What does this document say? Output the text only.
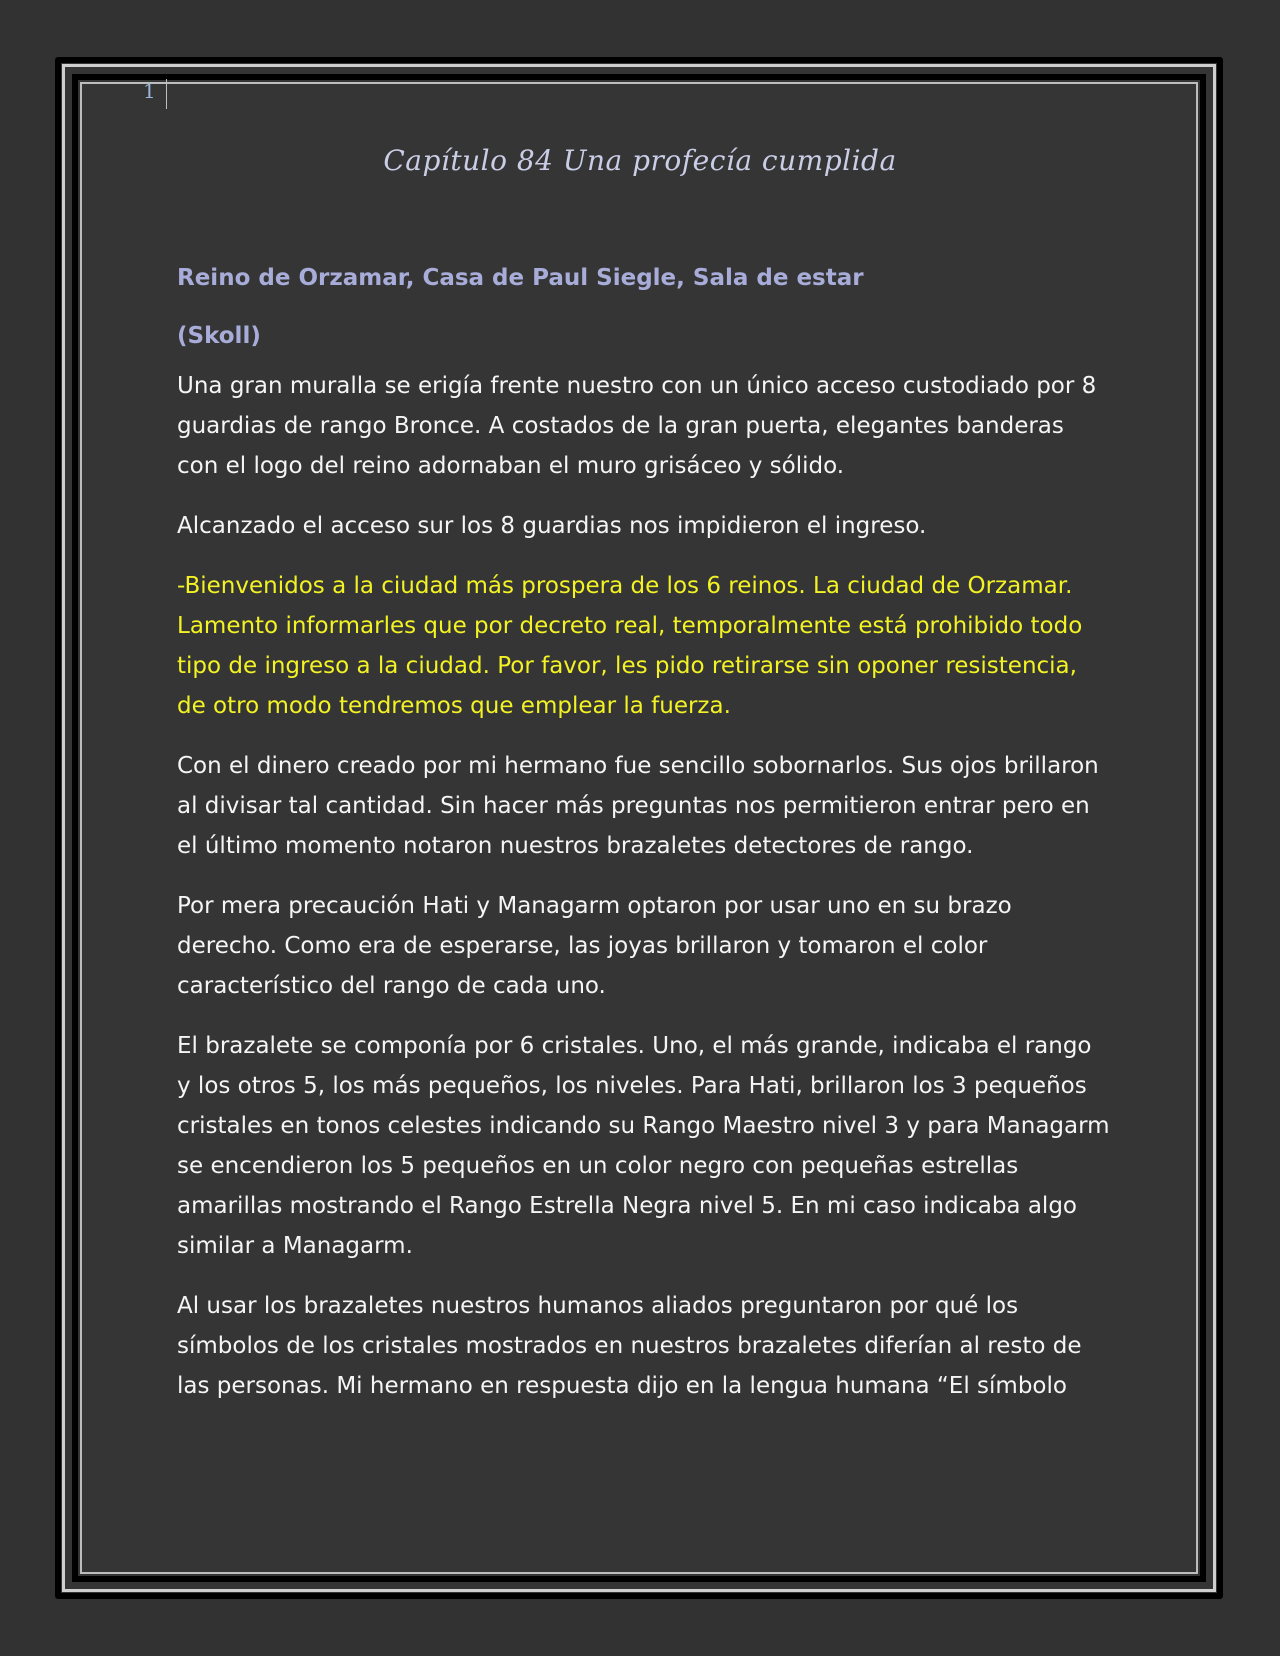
1
Capítulo 84 Una profecía cumplida

Reino de Orzamar, Casa de Paul Siegle, Sala de estar

(Skoll)

Una gran muralla se erigía frente nuestro con un único acceso custodiado por 8 guardias de rango Bronce. A costados de la gran puerta, elegantes banderas con el logo del reino adornaban el muro grisáceo y sólido.

Alcanzado el acceso sur los 8 guardias nos impidieron el ingreso.

-Bienvenidos a la ciudad más prospera de los 6 reinos. La ciudad de Orzamar. Lamento informarles que por decreto real, temporalmente está prohibido todo tipo de ingreso a la ciudad. Por favor, les pido retirarse sin oponer resistencia, de otro modo tendremos que emplear la fuerza.

Con el dinero creado por mi hermano fue sencillo sobornarlos. Sus ojos brillaron al divisar tal cantidad. Sin hacer más preguntas nos permitieron entrar pero en el último momento notaron nuestros brazaletes detectores de rango.

Por mera precaución Hati y Managarm optaron por usar uno en su brazo derecho. Como era de esperarse, las joyas brillaron y tomaron el color característico del rango de cada uno.

El brazalete se componía por 6 cristales. Uno, el más grande, indicaba el rango y los otros 5, los más pequeños, los niveles. Para Hati, brillaron los 3 pequeños cristales en tonos celestes indicando su Rango Maestro nivel 3 y para Managarm se encendieron los 5 pequeños en un color negro con pequeñas estrellas amarillas mostrando el Rango Estrella Negra nivel 5. En mi caso indicaba algo similar a Managarm.

Al usar los brazaletes nuestros humanos aliados preguntaron por qué los símbolos de los cristales mostrados en nuestros brazaletes diferían al resto de las personas. Mi hermano en respuesta dijo en la lengua humana “El símbolo
